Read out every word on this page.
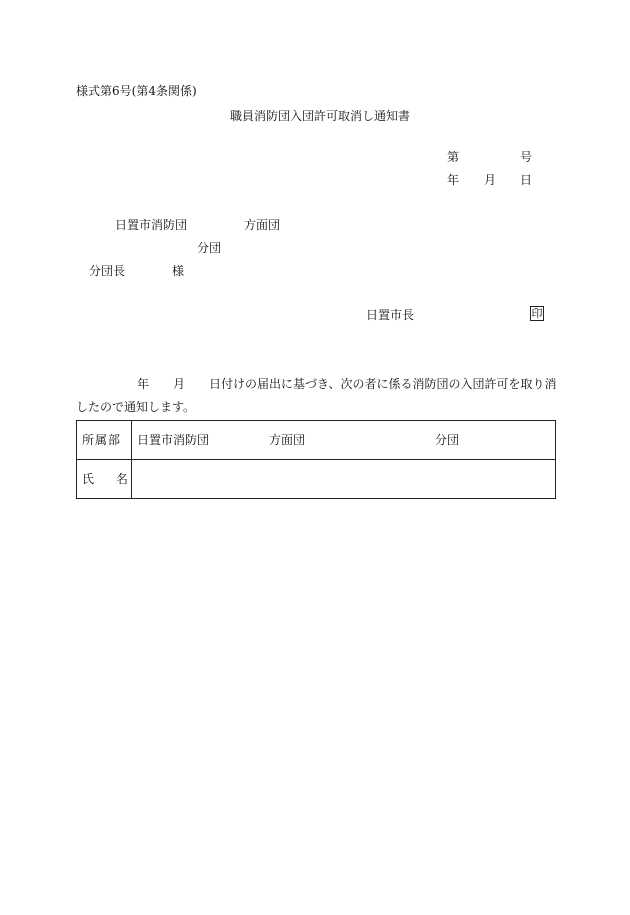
様式第6号(第4条関係)
職員消防団入団許可取消し通知書
第	号
年 月 日
日置市消防団	方面団
分団
分団長	様
日置市長	印
年 月 日付けの届出に基づき、次の者に係る消防団の入団許可を取り消
したので通知します。
所属部 日置市消防団	方面団	分団
氏 名
